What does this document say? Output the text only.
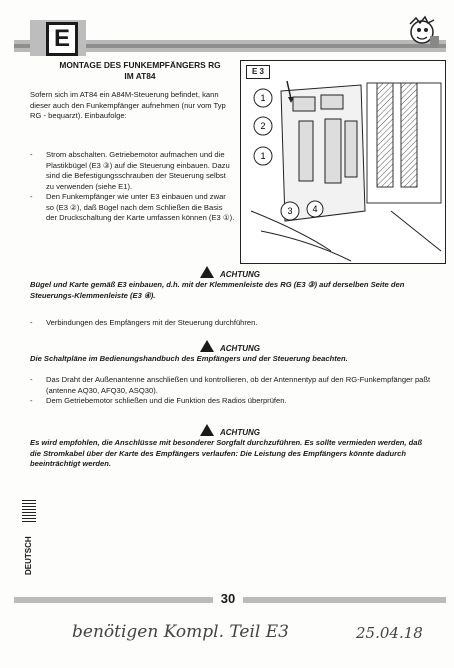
E
MONTAGE DES FUNKEMPFÄNGERS RG
IM AT84
Sofern sich im AT84 ein A84M-Steuerung befindet, kann dieser auch den Funkempfänger aufnehmen (nur vom Typ RG - bequarzt). Einbaufolge:
- Strom abschalten. Getriebemotor aufmachen und die Plastikbügel (E3 ③) auf die Steuerung einbauen. Dazu sind die Befestigungsschrauben der Steuerung selbst zu verwenden (siehe E1).
- Den Funkempfänger wie unter E3 einbauen und zwar so (E3 ②), daß Bügel nach dem Schließen die Basis der Druckschaltung der Karte umfassen können (E3 ①).
E 3
1
2
1
3 4
ACHTUNG
Bügel und Karte gemäß E3 einbauen, d.h. mit der Klemmenleiste des RG (E3 ③) auf derselben Seite den Steuerungs-Klemmenleiste (E3 ④).
- Verbindungen des Empfängers mit der Steuerung durchführen.
ACHTUNG
Die Schaltpläne im Bedienungshandbuch des Empfängers und der Steuerung beachten.
- Das Draht der Außenantenne anschließen und kontrollieren, ob der Antennentyp auf den RG-Funkempfänger paßt (antenne AQ30, AFQ30, ASQ30).
- Dem Getriebemotor schließen und die Funktion des Radios überprüfen.
ACHTUNG
Es wird empfohlen, die Anschlüsse mit besonderer Sorgfalt durchzuführen. Es sollte vermieden werden, daß die Stromkabel über der Karte des Empfängers verlaufen: Die Leistung des Empfängers könnte dadurch beeinträchtigt werden.
DEUTSCH
30
benötigen Kompl. Teil E3	25.04.18
